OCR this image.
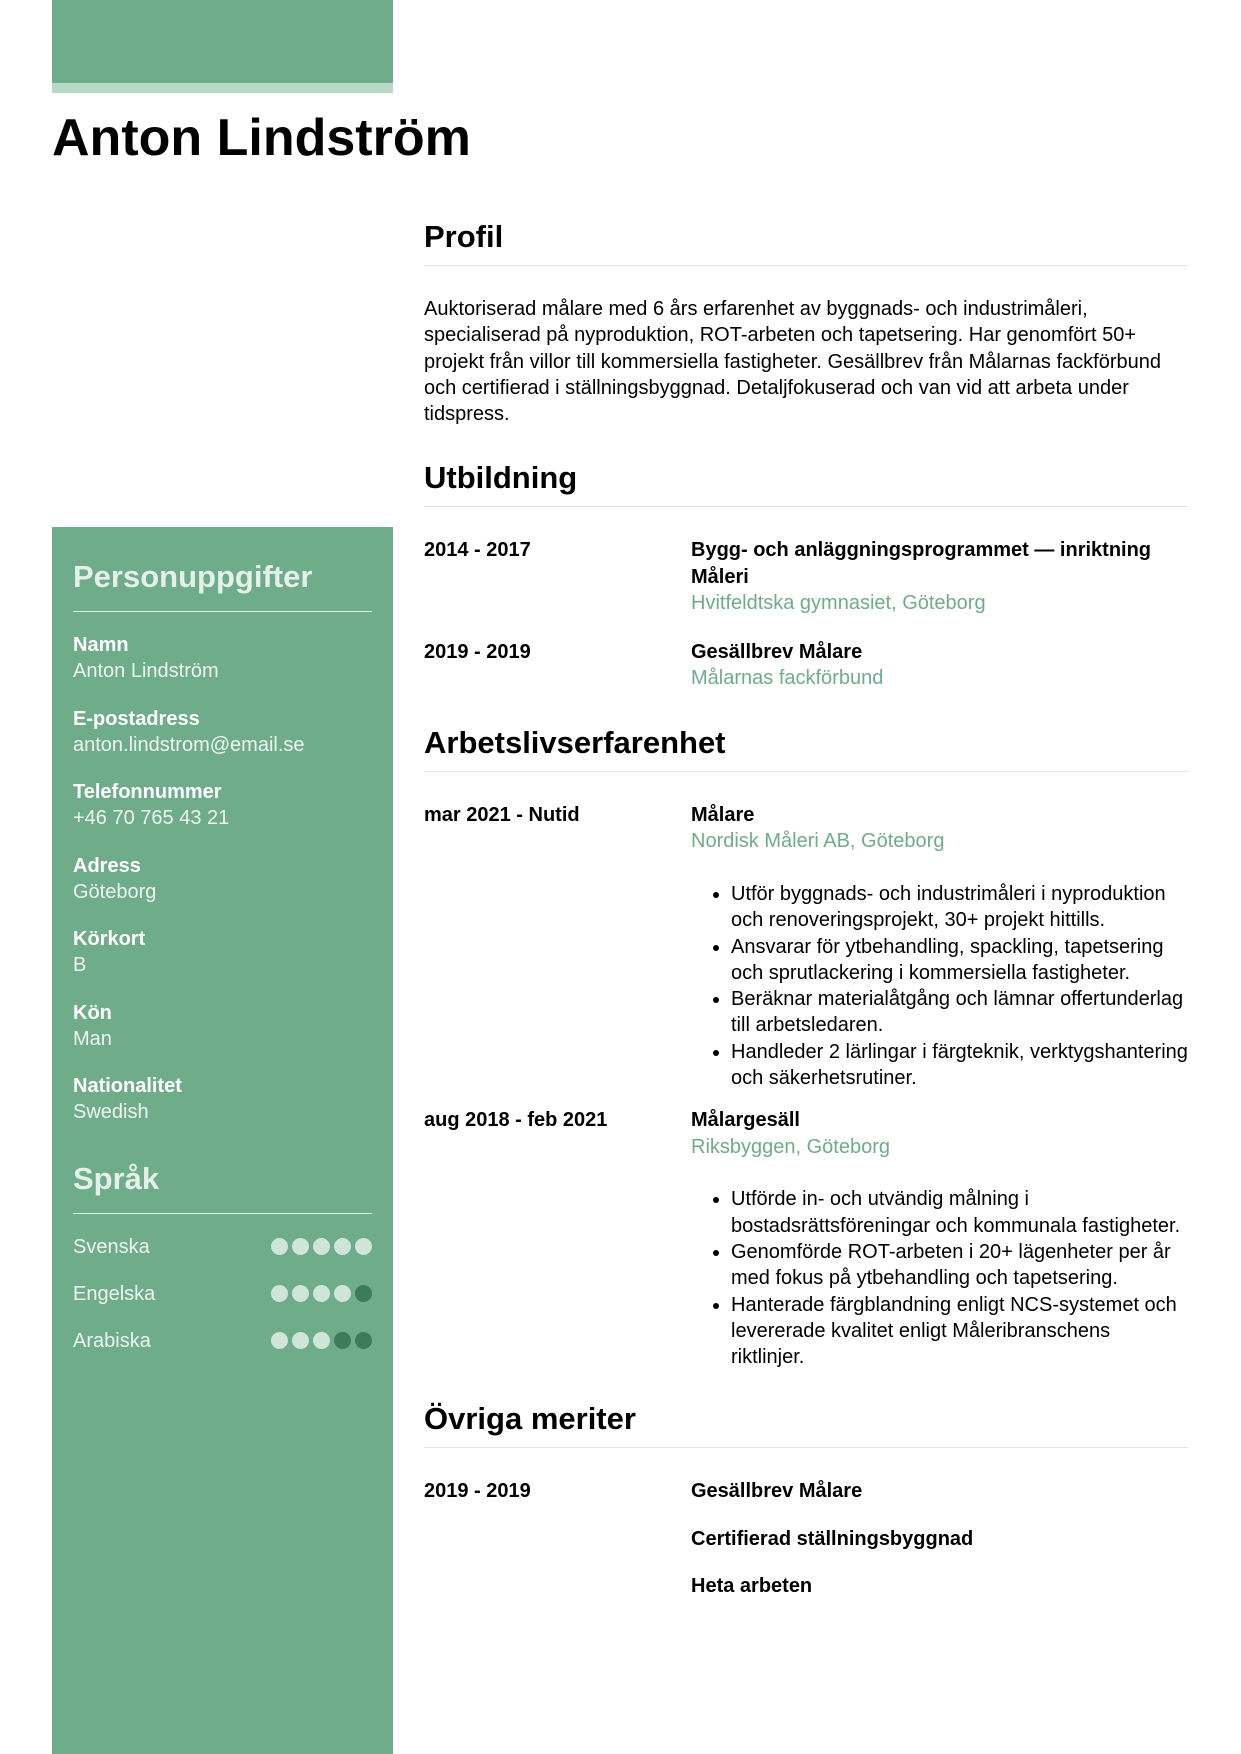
Anton Lindström
Personuppgifter
Namn
Anton Lindström
E-postadress
anton.lindstrom@email.se
Telefonnummer
+46 70 765 43 21
Adress
Göteborg
Körkort
B
Kön
Man
Nationalitet
Swedish
Språk
Svenska
Engelska
Arabiska
Profil

Auktoriserad målare med 6 års erfarenhet av byggnads- och industrimåleri, specialiserad på nyproduktion, ROT-arbeten och tapetsering. Har genomfört 50+ projekt från villor till kommersiella fastigheter. Gesällbrev från Målarnas fackförbund och certifierad i ställningsbyggnad. Detaljfokuserad och van vid att arbeta under tidspress.

Utbildning
2014 - 2017	Bygg- och anläggningsprogrammet — inriktning Måleri
Hvitfeldtska gymnasiet, Göteborg
2019 - 2019	Gesällbrev Målare
Målarnas fackförbund
Arbetslivserfarenhet
mar 2021 - Nutid	Målare
Nordisk Måleri AB, Göteborg
• Utför byggnads- och industrimåleri i nyproduktion och renoveringsprojekt, 30+ projekt hittills.
• Ansvarar för ytbehandling, spackling, tapetsering och sprutlackering i kommersiella fastigheter.
• Beräknar materialåtgång och lämnar offertunderlag till arbetsledaren.
• Handleder 2 lärlingar i färgteknik, verktygshantering och säkerhetsrutiner.
aug 2018 - feb 2021	Målargesäll
Riksbyggen, Göteborg
• Utförde in- och utvändig målning i bostadsrättsföreningar och kommunala fastigheter.
• Genomförde ROT-arbeten i 20+ lägenheter per år med fokus på ytbehandling och tapetsering.
• Hanterade färgblandning enligt NCS-systemet och levererade kvalitet enligt Måleribranschens riktlinjer.
Övriga meriter
2019 - 2019	Gesällbrev Målare
Certifierad ställningsbyggnad
Heta arbeten
